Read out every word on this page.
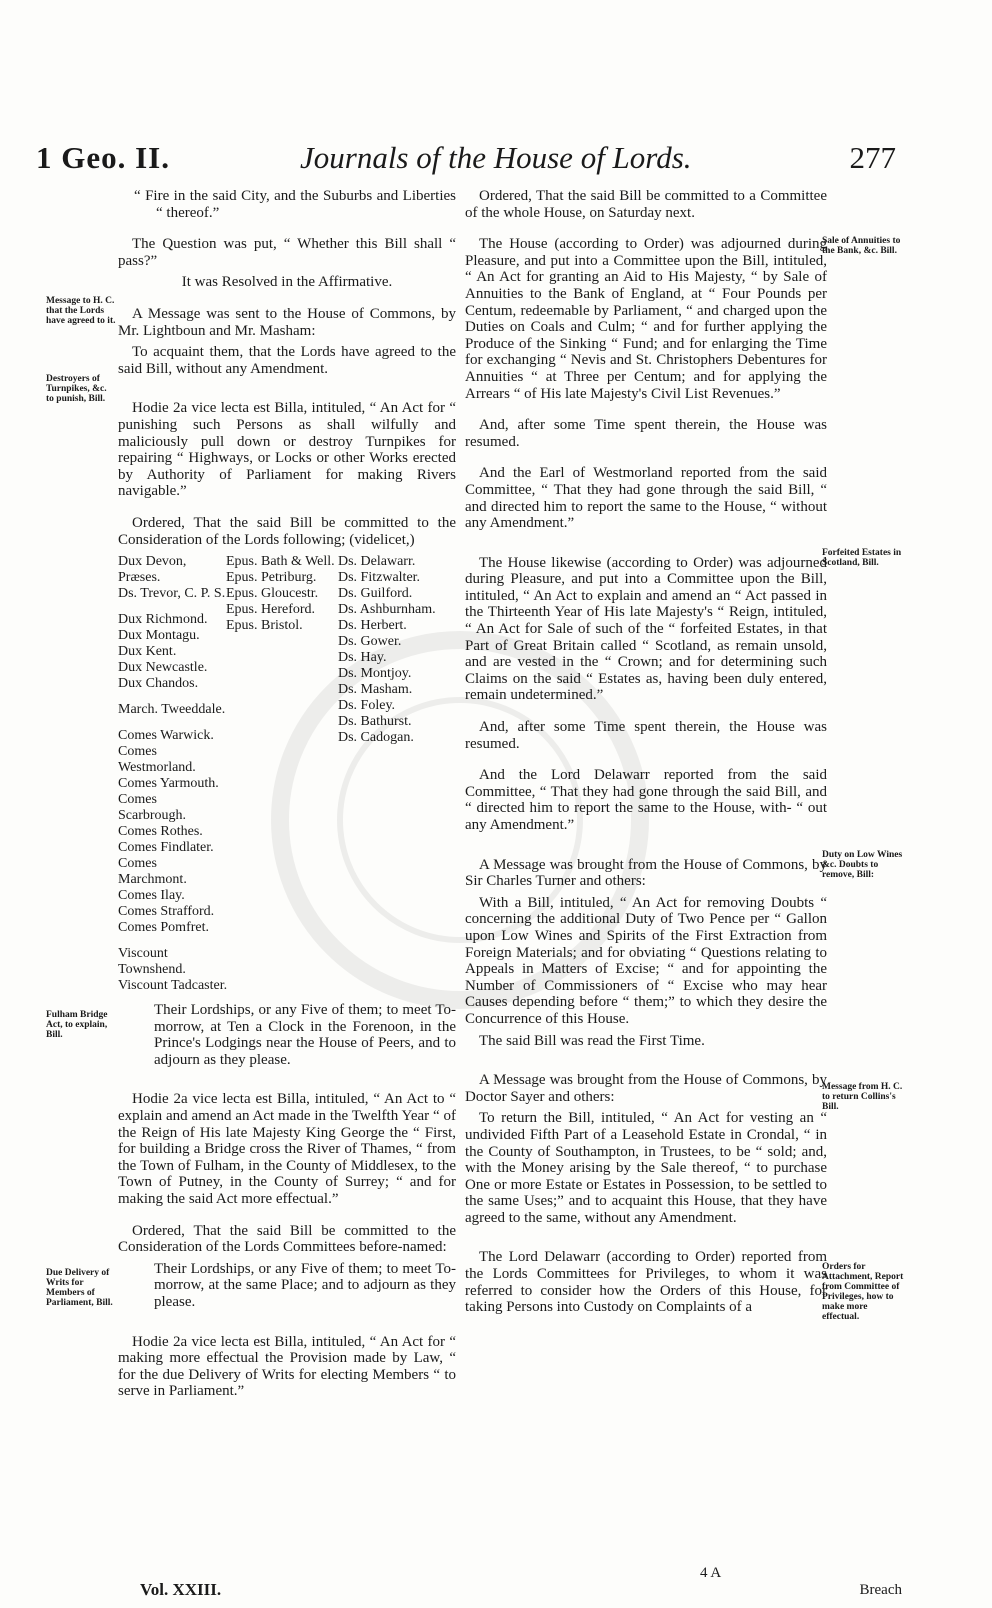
1 Geo. II.	Journals of the House of Lords.	277
Message to H. C. that the Lords have agreed to it.
Destroyers of Turnpikes, &c. to punish, Bill.
Fulham Bridge Act, to explain, Bill.
Due Delivery of Writs for Members of Parliament, Bill.
Sale of Annuities to the Bank, &c. Bill.
Forfeited Estates in Scotland, Bill.
Duty on Low Wines &c. Doubts to remove, Bill:
Message from H. C. to return Collins's Bill.
Orders for Attachment, Report from Committee of Privileges, how to make more effectual.

“ Fire in the said City, and the Suburbs and Liberties “ thereof.”

The Question was put, “ Whether this Bill shall “ pass?”

It was Resolved in the Affirmative.

A Message was sent to the House of Commons, by Mr. Lightboun and Mr. Masham:

To acquaint them, that the Lords have agreed to the said Bill, without any Amendment.

Hodie 2a vice lecta est Billa, intituled, “ An Act for “ punishing such Persons as shall wilfully and maliciously pull down or destroy Turnpikes for repairing “ Highways, or Locks or other Works erected by Authority of Parliament for making Rivers navigable.”

Ordered, That the said Bill be committed to the Consideration of the Lords following; (videlicet,)

Dux Devon, Præses.
Ds. Trevor, C. P. S.
Dux Richmond.
Dux Montagu.
Dux Kent.
Dux Newcastle.
Dux Chandos.
March. Tweeddale.
Comes Warwick.
Comes Westmorland.
Comes Yarmouth.
Comes Scarbrough.
Comes Rothes.
Comes Findlater.
Comes Marchmont.
Comes Ilay.
Comes Strafford.
Comes Pomfret.
Viscount Townshend.
Viscount Tadcaster.
Epus. Bath & Well.
Epus. Petriburg.
Epus. Gloucestr.
Epus. Hereford.
Epus. Bristol.
Ds. Delawarr.
Ds. Fitzwalter.
Ds. Guilford.
Ds. Ashburnham.
Ds. Herbert.
Ds. Gower.
Ds. Hay.
Ds. Montjoy.
Ds. Masham.
Ds. Foley.
Ds. Bathurst.
Ds. Cadogan.

Their Lordships, or any Five of them; to meet To-morrow, at Ten a Clock in the Forenoon, in the Prince's Lodgings near the House of Peers, and to adjourn as they please.

Hodie 2a vice lecta est Billa, intituled, “ An Act to “ explain and amend an Act made in the Twelfth Year “ of the Reign of His late Majesty King George the “ First, for building a Bridge cross the River of Thames, “ from the Town of Fulham, in the County of Middlesex, to the Town of Putney, in the County of Surrey; “ and for making the said Act more effectual.”

Ordered, That the said Bill be committed to the Consideration of the Lords Committees before-named:

Their Lordships, or any Five of them; to meet To-morrow, at the same Place; and to adjourn as they please.

Hodie 2a vice lecta est Billa, intituled, “ An Act for “ making more effectual the Provision made by Law, “ for the due Delivery of Writs for electing Members “ to serve in Parliament.”

Ordered, That the said Bill be committed to a Committee of the whole House, on Saturday next.

The House (according to Order) was adjourned during Pleasure, and put into a Committee upon the Bill, intituled, “ An Act for granting an Aid to His Majesty, “ by Sale of Annuities to the Bank of England, at “ Four Pounds per Centum, redeemable by Parliament, “ and charged upon the Duties on Coals and Culm; “ and for further applying the Produce of the Sinking “ Fund; and for enlarging the Time for exchanging “ Nevis and St. Christophers Debentures for Annuities “ at Three per Centum; and for applying the Arrears “ of His late Majesty's Civil List Revenues.”

And, after some Time spent therein, the House was resumed.

And the Earl of Westmorland reported from the said Committee, “ That they had gone through the said Bill, “ and directed him to report the same to the House, “ without any Amendment.”

The House likewise (according to Order) was adjourned during Pleasure, and put into a Committee upon the Bill, intituled, “ An Act to explain and amend an “ Act passed in the Thirteenth Year of His late Majesty's “ Reign, intituled, “ An Act for Sale of such of the “ forfeited Estates, in that Part of Great Britain called “ Scotland, as remain unsold, and are vested in the “ Crown; and for determining such Claims on the said “ Estates as, having been duly entered, remain undetermined.”

And, after some Time spent therein, the House was resumed.

And the Lord Delawarr reported from the said Committee, “ That they had gone through the said Bill, and “ directed him to report the same to the House, with- “ out any Amendment.”

A Message was brought from the House of Commons, by Sir Charles Turner and others:

With a Bill, intituled, “ An Act for removing Doubts “ concerning the additional Duty of Two Pence per “ Gallon upon Low Wines and Spirits of the First Extraction from Foreign Materials; and for obviating “ Questions relating to Appeals in Matters of Excise; “ and for appointing the Number of Commissioners of “ Excise who may hear Causes depending before “ them;” to which they desire the Concurrence of this House.

The said Bill was read the First Time.

A Message was brought from the House of Commons, by Doctor Sayer and others:

To return the Bill, intituled, “ An Act for vesting an “ undivided Fifth Part of a Leasehold Estate in Crondal, “ in the County of Southampton, in Trustees, to be “ sold; and, with the Money arising by the Sale thereof, “ to purchase One or more Estate or Estates in Possession, to be settled to the same Uses;” and to acquaint this House, that they have agreed to the same, without any Amendment.

The Lord Delawarr (according to Order) reported from the Lords Committees for Privileges, to whom it was referred to consider how the Orders of this House, for taking Persons into Custody on Complaints of a

Vol. XXIII.
4 A
Breach
